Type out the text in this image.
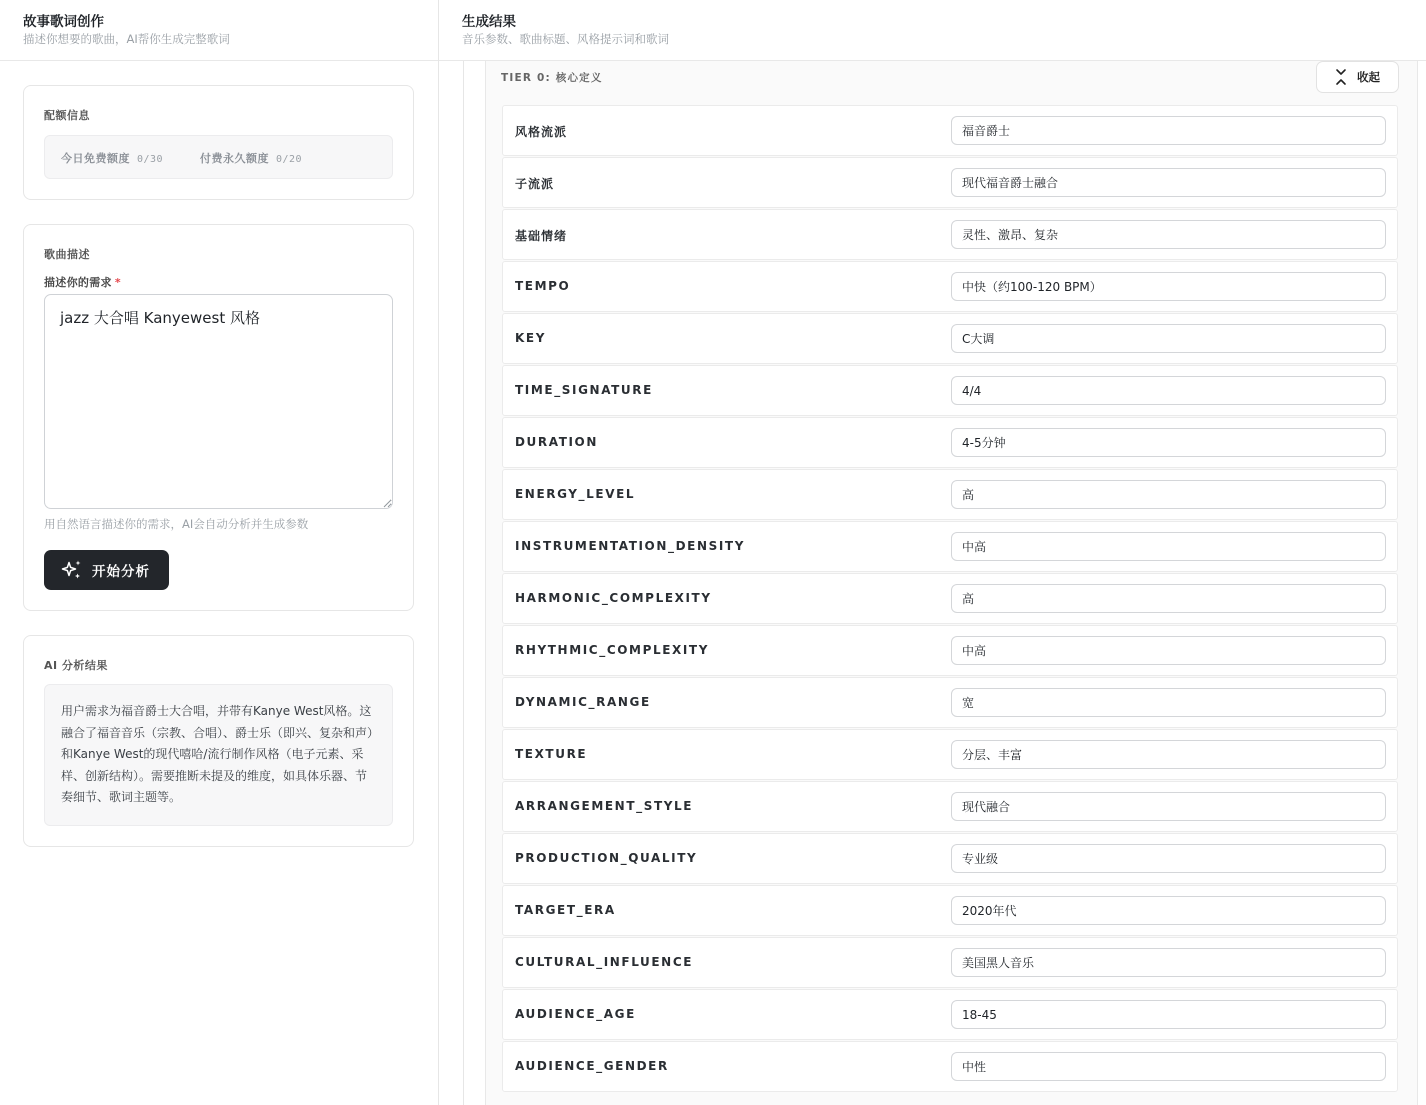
故事歌词创作
描述你想要的歌曲，AI帮你生成完整歌词
配额信息
今日免费额度 0/30	付费永久额度 0/20
歌曲描述
描述你的需求 *
jazz 大合唱 Kanyewest 风格
用自然语言描述你的需求，AI会自动分析并生成参数
开始分析
AI 分析结果
用户需求为福音爵士大合唱，并带有Kanye West风格。这融合了福音音乐（宗教、合唱）、爵士乐（即兴、复杂和声）和Kanye West的现代嘻哈/流行制作风格（电子元素、采样、创新结构）。需要推断未提及的维度，如具体乐器、节奏细节、歌词主题等。
生成结果
音乐参数、歌曲标题、风格提示词和歌词
TIER 0: 核心定义	收起
风格流派
福音爵士
子流派
现代福音爵士融合
基础情绪
灵性、激昂、复杂
TEMPO
中快（约100-120 BPM）
KEY
C大调
TIME_SIGNATURE
4/4
DURATION
4-5分钟
ENERGY_LEVEL
高
INSTRUMENTATION_DENSITY
中高
HARMONIC_COMPLEXITY
高
RHYTHMIC_COMPLEXITY
中高
DYNAMIC_RANGE
宽
TEXTURE
分层、丰富
ARRANGEMENT_STYLE
现代融合
PRODUCTION_QUALITY
专业级
TARGET_ERA
2020年代
CULTURAL_INFLUENCE
美国黑人音乐
AUDIENCE_AGE
18-45
AUDIENCE_GENDER
中性
